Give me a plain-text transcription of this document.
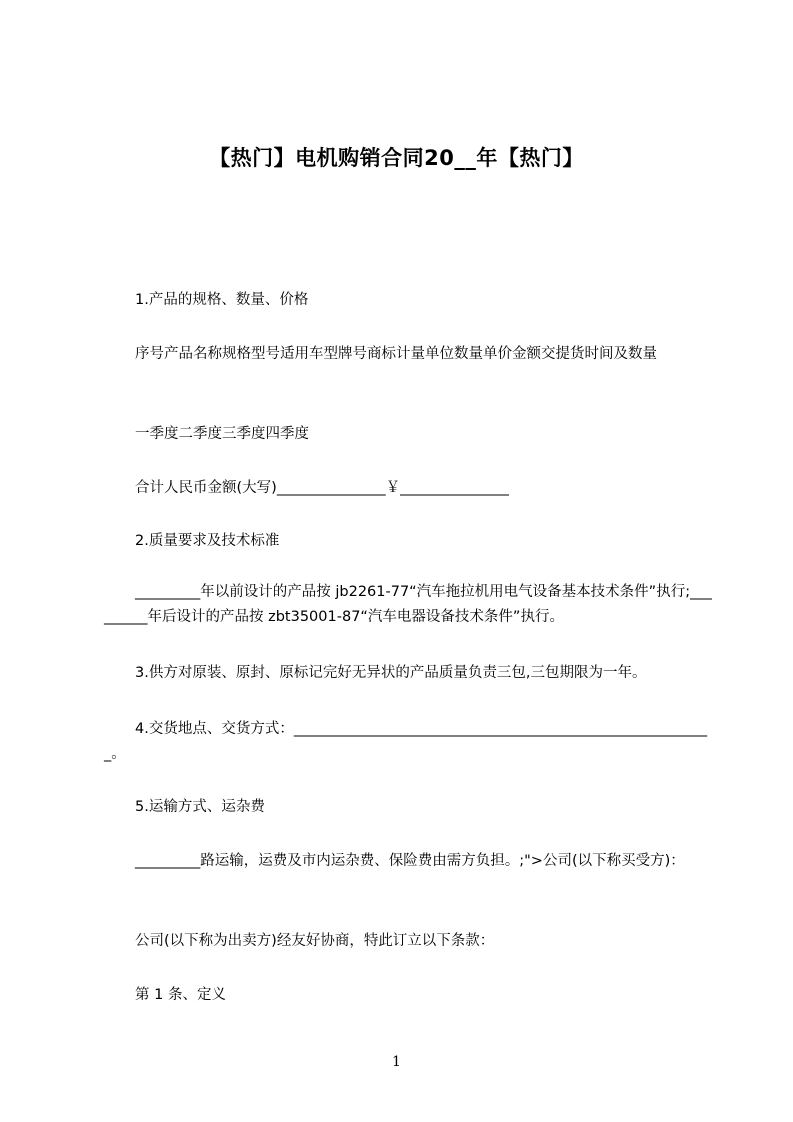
【热门】电机购销合同20__年【热门】
1.产品的规格、数量、价格
序号产品名称规格型号适用车型牌号商标计量单位数量单价金额交提货时间及数量
一季度二季度三季度四季度
合计人民币金额(大写)_______________￥_______________
2.质量要求及技术标准
_________年以前设计的产品按 jb2261-77“汽车拖拉机用电气设备基本技术条件”执行;_________年后设计的产品按 zbt35001-87“汽车电器设备技术条件”执行。
3.供方对原装、原封、原标记完好无异状的产品质量负责三包,三包期限为一年。
4.交货地点、交货方式：__________________________________________________________。
5.运输方式、运杂费
_________路运输，运费及市内运杂费、保险费由需方负担。;">公司(以下称买受方)：
公司(以下称为出卖方)经友好协商，特此订立以下条款：
第 1 条、定义
1
